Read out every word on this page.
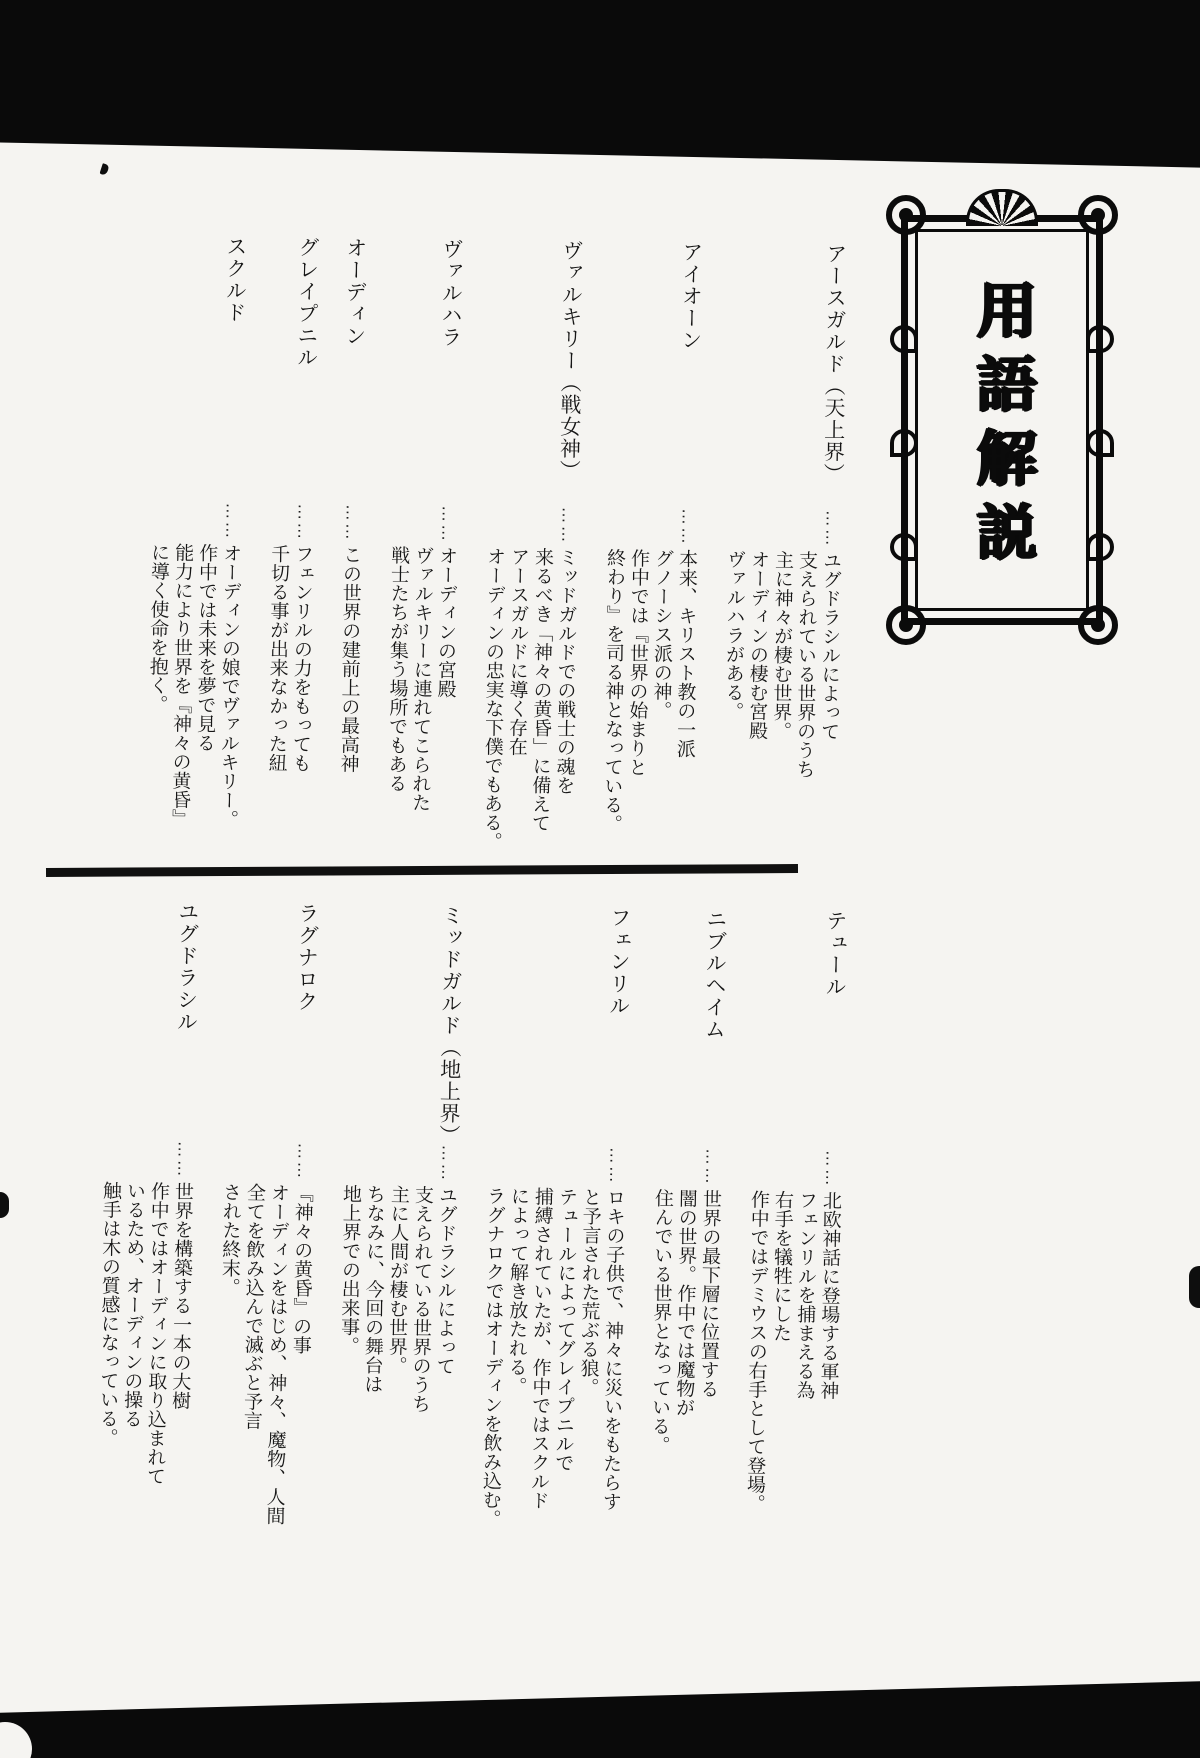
用語解説
アースガルド（天上界）
……
ユグドラシルによって
支えられている世界のうち
主に神々が棲む世界。
オーディンの棲む宮殿
ヴァルハラがある。
アイオーン
……
本来、キリスト教の一派
グノーシス派の神。
作中では『世界の始まりと
終わり』を司る神となっている。
ヴァルキリー（戦女神）
……
ミッドガルドでの戦士の魂を
来るべき「神々の黄昏」に備えて
アースガルドに導く存在
オーディンの忠実な下僕でもある。
ヴァルハラ
……
オーディンの宮殿
ヴァルキリーに連れてこられた
戦士たちが集う場所でもある
オーディン
……
この世界の建前上の最高神
グレイプニル
……
フェンリルの力をもっても
千切る事が出来なかった紐
スクルド
……
オーディンの娘でヴァルキリー。
作中では未来を夢で見る
能力により世界を『神々の黄昏』
に導く使命を抱く。
テュール
……
北欧神話に登場する軍神
フェンリルを捕まえる為
右手を犠牲にした
作中ではデミウスの右手として登場。
ニブルヘイム
……
世界の最下層に位置する
闇の世界。作中では魔物が
住んでいる世界となっている。
フェンリル
……
ロキの子供で、神々に災いをもたらす
と予言された荒ぶる狼。
テュールによってグレイプニルで
捕縛されていたが、作中ではスクルド
によって解き放たれる。
ラグナロクではオーディンを飲み込む。
ミッドガルド（地上界）
……
ユグドラシルによって
支えられている世界のうち
主に人間が棲む世界。
ちなみに、今回の舞台は
地上界での出来事。
ラグナロク
……
『神々の黄昏』の事
オーディンをはじめ、神々、魔物、人間
全てを飲み込んで滅ぶと予言
された終末。
ユグドラシル
……
世界を構築する一本の大樹
作中ではオーディンに取り込まれて
いるため、オーディンの操る
触手は木の質感になっている。
